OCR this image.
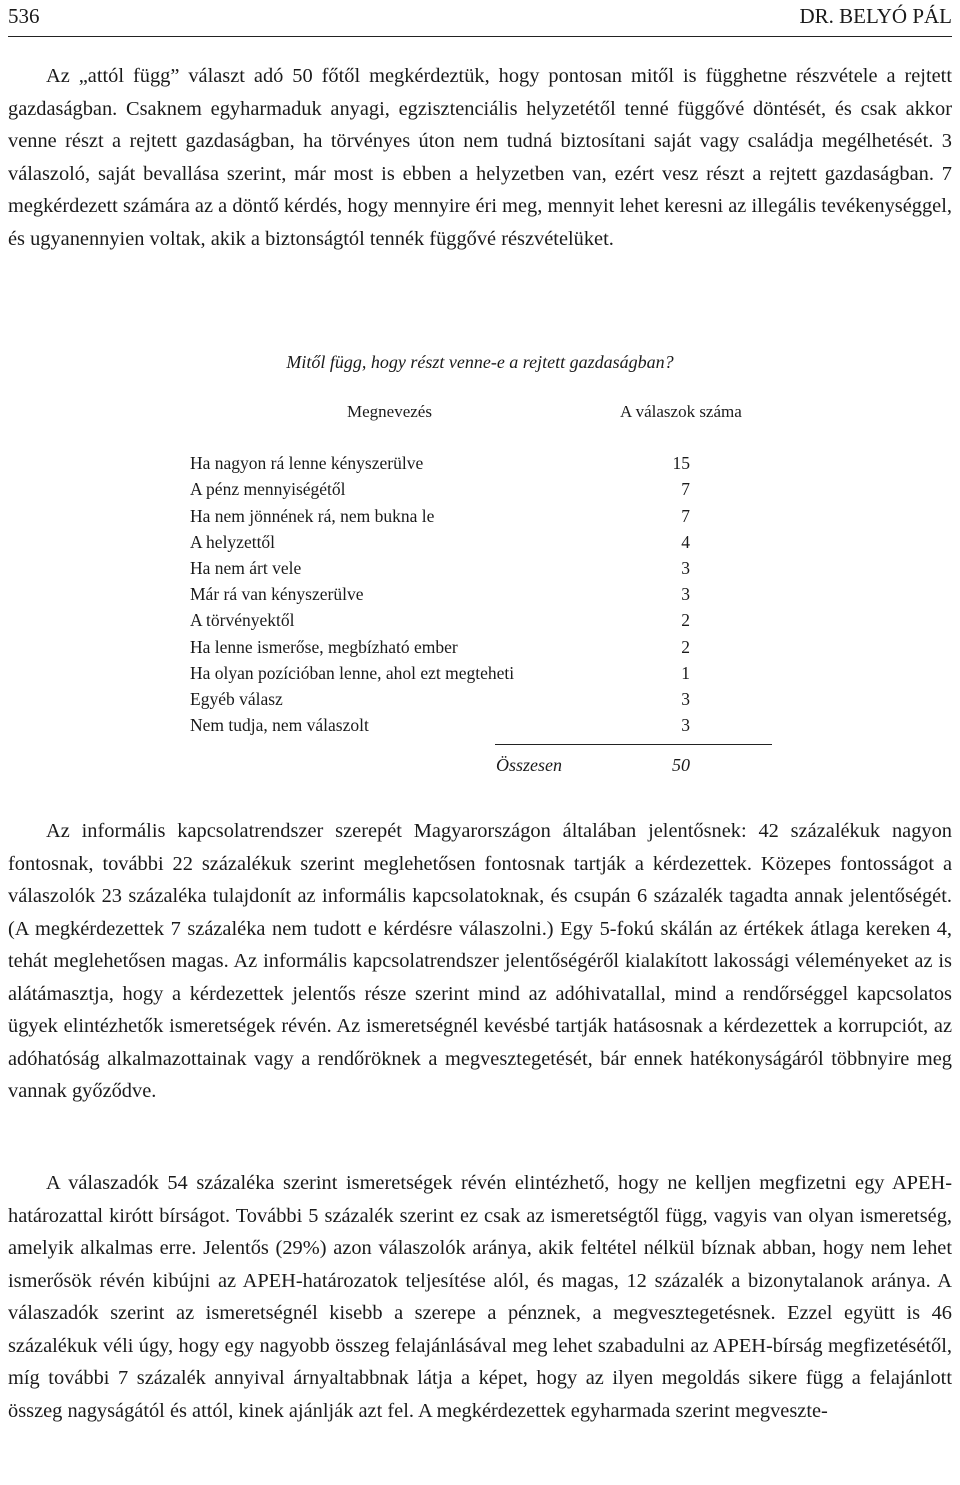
536	DR. BELYÓ PÁL

Az „attól függ” választ adó 50 főtől megkérdeztük, hogy pontosan mitől is függhetne részvétele a rejtett gazdaságban. Csaknem egyharmaduk anyagi, egzisztenciális helyzetétől tenné függővé döntését, és csak akkor venne részt a rejtett gazdaságban, ha törvényes úton nem tudná biztosítani saját vagy családja megélhetését. 3 válaszoló, saját bevallása szerint, már most is ebben a helyzetben van, ezért vesz részt a rejtett gazdaságban. 7 megkérdezett számára az a döntő kérdés, hogy mennyire éri meg, mennyit lehet keresni az illegális tevékenységgel, és ugyanennyien voltak, akik a biztonságtól tennék függővé részvételüket.

Mitől függ, hogy részt venne-e a rejtett gazdaságban?
Megnevezés	A válaszok száma
Ha nagyon rá lenne kényszerülve	15
A pénz mennyiségétől	7
Ha nem jönnének rá, nem bukna le	7
A helyzettől	4
Ha nem árt vele	3
Már rá van kényszerülve	3
A törvényektől	2
Ha lenne ismerőse, megbízható ember	2
Ha olyan pozícióban lenne, ahol ezt megteheti	1
Egyéb válasz	3
Nem tudja, nem válaszolt	3
Összesen	50

Az informális kapcsolatrendszer szerepét Magyarországon általában jelentősnek: 42 százalékuk nagyon fontosnak, további 22 százalékuk szerint meglehetősen fontosnak tartják a kérdezettek. Közepes fontosságot a válaszolók 23 százaléka tulajdonít az informális kapcsolatoknak, és csupán 6 százalék tagadta annak jelentőségét. (A megkérdezettek 7 százaléka nem tudott e kérdésre válaszolni.) Egy 5-fokú skálán az értékek átlaga kereken 4, tehát meglehetősen magas. Az informális kapcsolatrendszer jelentőségéről kialakított lakossági véleményeket az is alátámasztja, hogy a kérdezettek jelentős része szerint mind az adóhivatallal, mind a rendőrséggel kapcsolatos ügyek elintézhetők ismeretségek révén. Az ismeretségnél kevésbé tartják hatásosnak a kérdezettek a korrupciót, az adóhatóság alkalmazottainak vagy a rendőröknek a megvesztegetését, bár ennek hatékonyságáról többnyire meg vannak győződve.

A válaszadók 54 százaléka szerint ismeretségek révén elintézhető, hogy ne kelljen megfizetni egy APEH-határozattal kirótt bírságot. További 5 százalék szerint ez csak az ismeretségtől függ, vagyis van olyan ismeretség, amelyik alkalmas erre. Jelentős (29%) azon válaszolók aránya, akik feltétel nélkül bíznak abban, hogy nem lehet ismerősök révén kibújni az APEH-határozatok teljesítése alól, és magas, 12 százalék a bizonytalanok aránya. A válaszadók szerint az ismeretségnél kisebb a szerepe a pénznek, a megvesztegetésnek. Ezzel együtt is 46 százalékuk véli úgy, hogy egy nagyobb összeg felajánlásával meg lehet szabadulni az APEH-bírság megfizetésétől, míg további 7 százalék annyival árnyaltabbnak látja a képet, hogy az ilyen megoldás sikere függ a felajánlott összeg nagyságától és attól, kinek ajánlják azt fel. A megkérdezettek egyharmada szerint megveszte-
